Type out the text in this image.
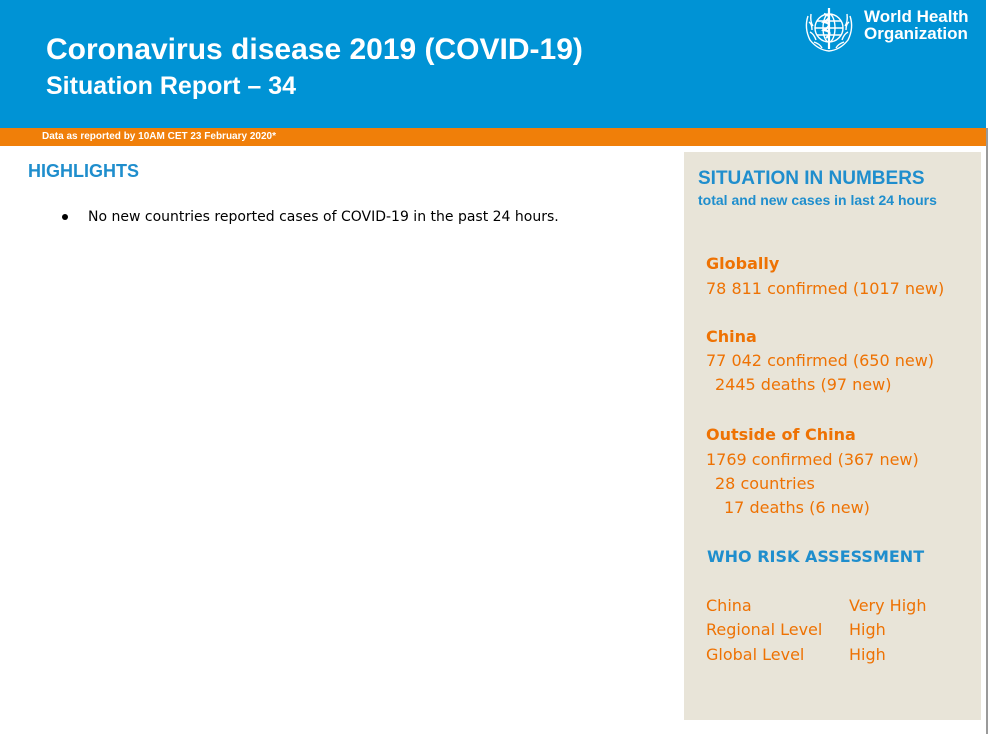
Coronavirus disease 2019 (COVID-19)
Situation Report – 34
World Health
Organization
Data as reported by 10AM CET 23 February 2020*
HIGHLIGHTS
No new countries reported cases of COVID-19 in the past 24 hours.
SITUATION IN NUMBERS
total and new cases in last 24 hours
Globally
78 811 confirmed (1017 new)
China
77 042 confirmed (650 new)
2445 deaths (97 new)
Outside of China
1769 confirmed (367 new)
28 countries
17 deaths (6 new)
WHO RISK ASSESSMENT
China	Very High
Regional Level High
Global Level	High
